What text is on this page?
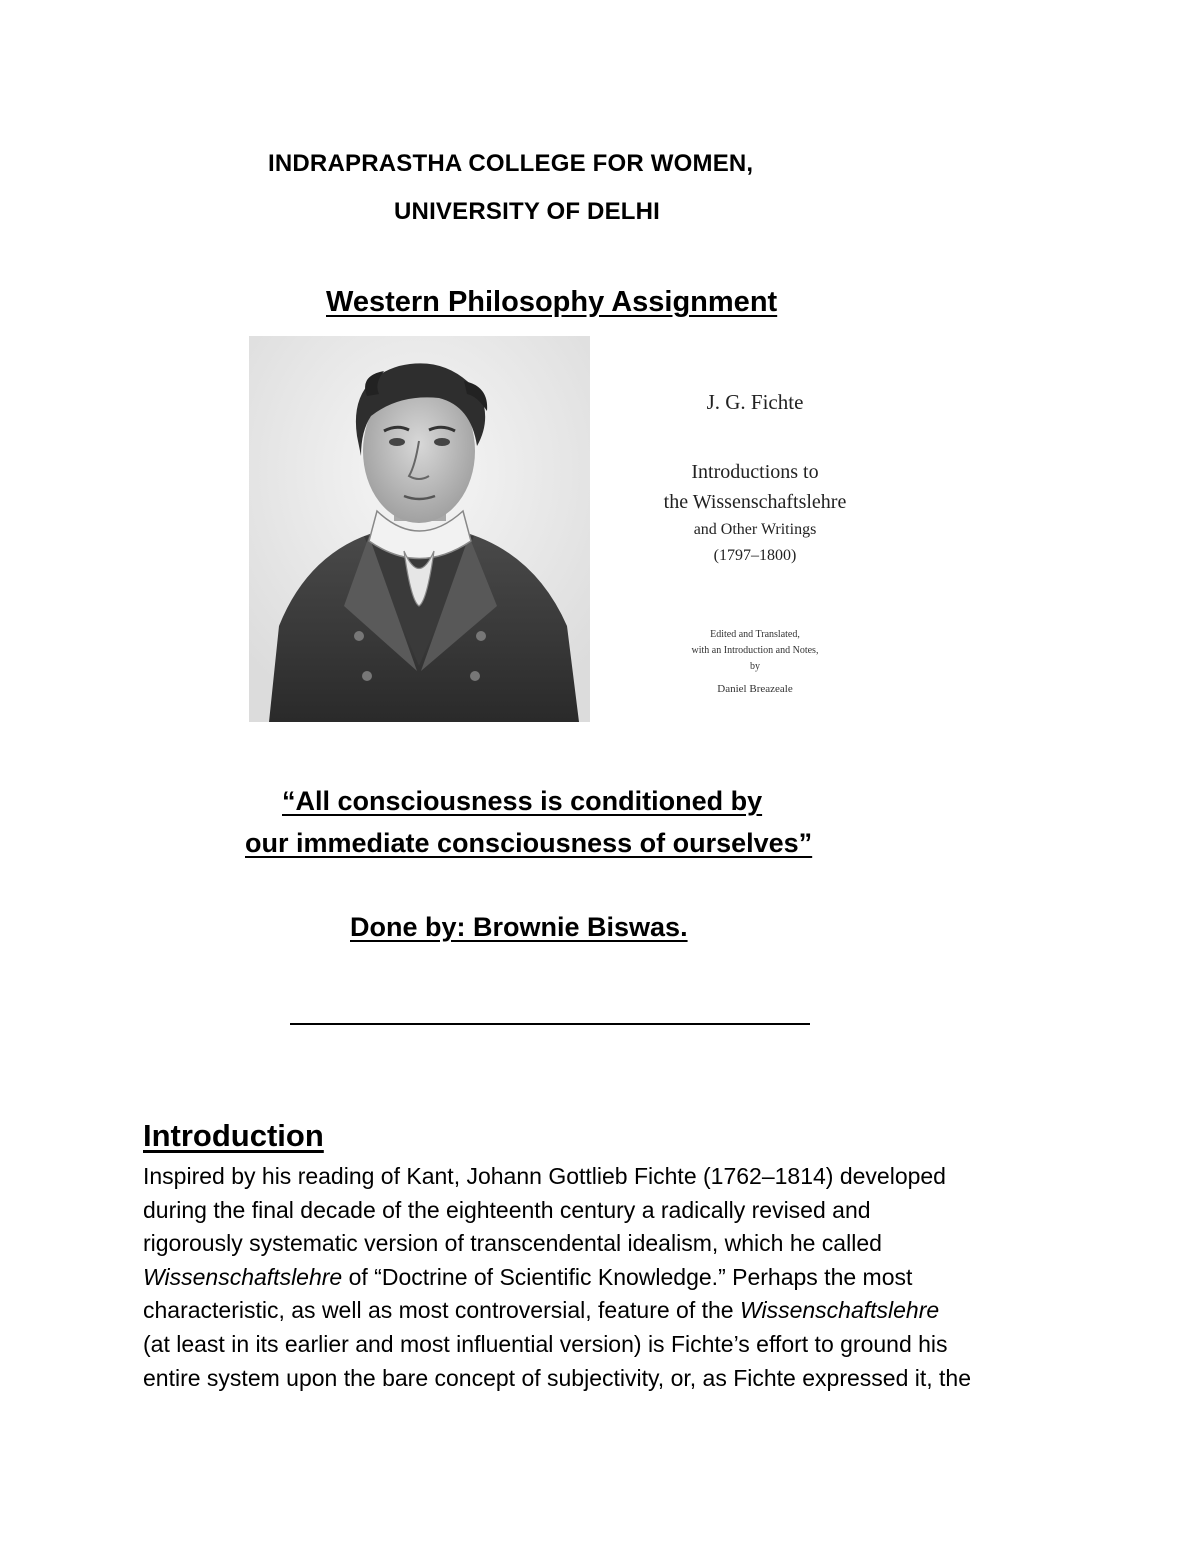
INDRAPRASTHA COLLEGE FOR WOMEN,
UNIVERSITY OF DELHI
Western Philosophy Assignment
J. G. Fichte
Introductions to
the Wissenschaftslehre
and Other Writings
(1797–1800)
Edited and Translated,
with an Introduction and Notes,
by
Daniel Breazeale
“All consciousness is conditioned by
our immediate consciousness of ourselves”
Done by: Brownie Biswas.
Introduction
Inspired by his reading of Kant, Johann Gottlieb Fichte (1762–1814) developed
during the final decade of the eighteenth century a radically revised and
rigorously systematic version of transcendental idealism, which he called
Wissenschaftslehre of “Doctrine of Scientific Knowledge.” Perhaps the most
characteristic, as well as most controversial, feature of the Wissenschaftslehre
(at least in its earlier and most influential version) is Fichte’s effort to ground his
entire system upon the bare concept of subjectivity, or, as Fichte expressed it, the
